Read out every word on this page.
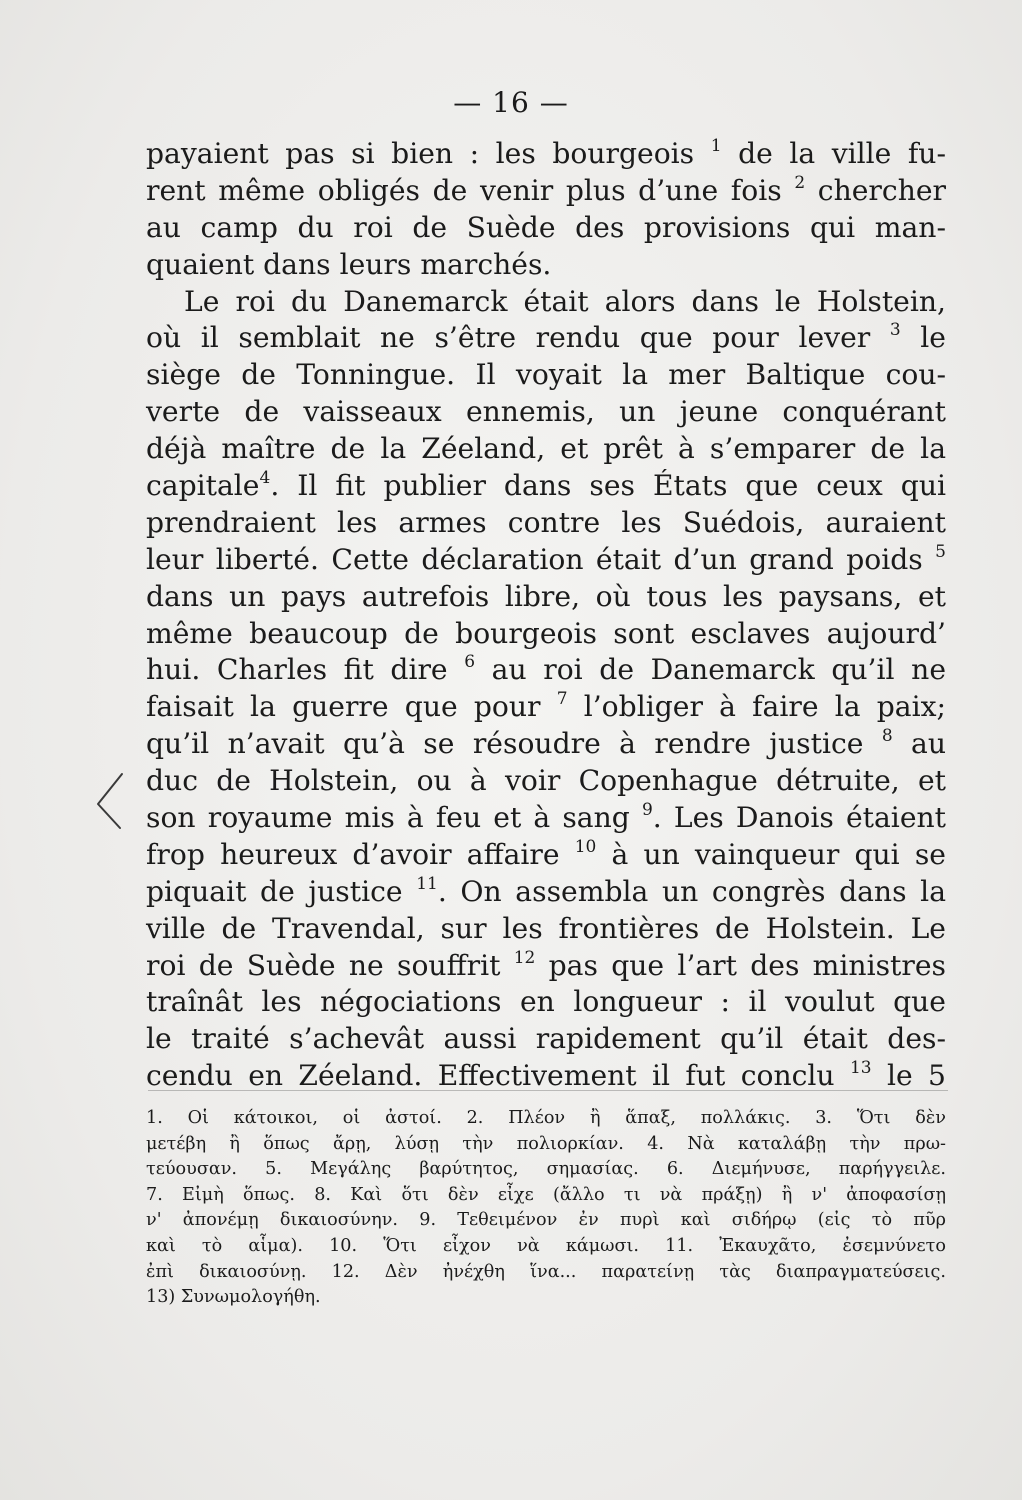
— 16 —
payaient pas si bien : les bourgeois $^1$ de la ville fu-
rent même obligés de venir plus d’une fois $^2$ chercher
au camp du roi de Suède des provisions qui man-
quaient dans leurs marchés.
Le roi du Danemarck était alors dans le Holstein,
où il semblait ne s’être rendu que pour lever $^3$ le
siège de Tonningue. Il voyait la mer Baltique cou-
verte de vaisseaux ennemis, un jeune conquérant
déjà maître de la Zéeland, et prêt à s’emparer de la
capitale$^4$. Il fit publier dans ses États que ceux qui
prendraient les armes contre les Suédois, auraient
leur liberté. Cette déclaration était d’un grand poids $^5$
dans un pays autrefois libre, où tous les paysans, et
même beaucoup de bourgeois sont esclaves aujourd’
hui. Charles fit dire $^6$ au roi de Danemarck qu’il ne
faisait la guerre que pour $^7$ l’obliger à faire la paix;
qu’il n’avait qu’à se résoudre à rendre justice $^8$ au
duc de Holstein, ou à voir Copenhague détruite, et
son royaume mis à feu et à sang $^9$. Les Danois étaient
frop heureux d’avoir affaire $^{10}$ à un vainqueur qui se
piquait de justice $^{11}$. On assembla un congrès dans la
ville de Travendal, sur les frontières de Holstein. Le
roi de Suède ne souffrit $^{12}$ pas que l’art des ministres
traînât les négociations en longueur : il voulut que
le traité s’achevât aussi rapidement qu’il était des-
cendu en Zéeland. Effectivement il fut conclu $^{13}$ le 5
1. Οἱ κάτοικοι, οἱ ἀστοί. 2. Πλέον ἢ ἅπαξ, πολλάκις. 3. Ὅτι δὲν
μετέβη ἢ ὅπως ἄρῃ, λύσῃ τὴν πολιορκίαν. 4. Νὰ καταλάβῃ τὴν πρω-
τεύουσαν. 5. Μεγάλης βαρύτητος, σημασίας. 6. Διεμήνυσε, παρήγγειλε.
7. Εἰμὴ ὅπως. 8. Καὶ ὅτι δὲν εἶχε (ἄλλο τι νὰ πράξῃ) ἢ ν' ἀποφασίσῃ
ν' ἀπονέμῃ δικαιοσύνην. 9. Τεθειμένον ἐν πυρὶ καὶ σιδήρῳ (εἰς τὸ πῦρ
καὶ τὸ αἷμα). 10. Ὅτι εἶχον νὰ κάμωσι. 11. Ἐκαυχᾶτο, ἐσεμνύνετο
ἐπὶ δικαιοσύνῃ. 12. Δὲν ἠνέχθη ἵνα... παρατείνῃ τὰς διαπραγματεύσεις.
13) Συνωμολογήθη.
